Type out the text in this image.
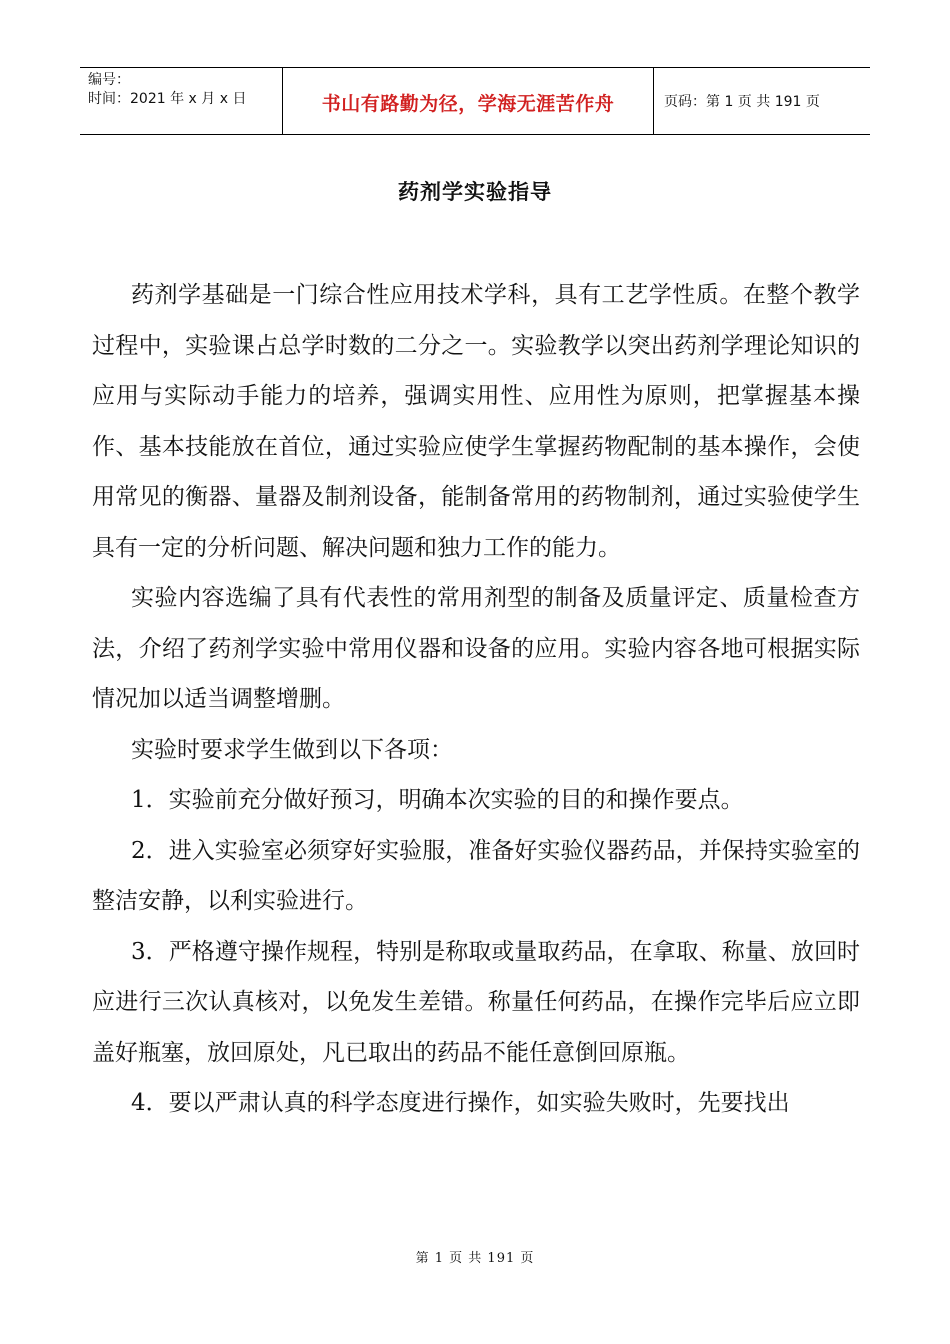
编号：
时间：2021 年 x 月 x 日	书山有路勤为径，学海无涯苦作舟	页码：第 1 页 共 191 页
药剂学实验指导

药剂学基础是一门综合性应用技术学科，具有工艺学性质。在整个教学过程中，实验课占总学时数的二分之一。实验教学以突出药剂学理论知识的应用与实际动手能力的培养，强调实用性、应用性为原则，把掌握基本操作、基本技能放在首位，通过实验应使学生掌握药物配制的基本操作，会使用常见的衡器、量器及制剂设备，能制备常用的药物制剂，通过实验使学生具有一定的分析问题、解决问题和独力工作的能力。

实验内容选编了具有代表性的常用剂型的制备及质量评定、质量检查方法，介绍了药剂学实验中常用仪器和设备的应用。实验内容各地可根据实际情况加以适当调整增删。

实验时要求学生做到以下各项：

1．实验前充分做好预习，明确本次实验的目的和操作要点。

2．进入实验室必须穿好实验服，准备好实验仪器药品，并保持实验室的整洁安静，以利实验进行。

3．严格遵守操作规程，特别是称取或量取药品，在拿取、称量、放回时应进行三次认真核对，以免发生差错。称量任何药品，在操作完毕后应立即盖好瓶塞，放回原处，凡已取出的药品不能任意倒回原瓶。

4．要以严肃认真的科学态度进行操作，如实验失败时，先要找出

第 1 页 共 191 页
